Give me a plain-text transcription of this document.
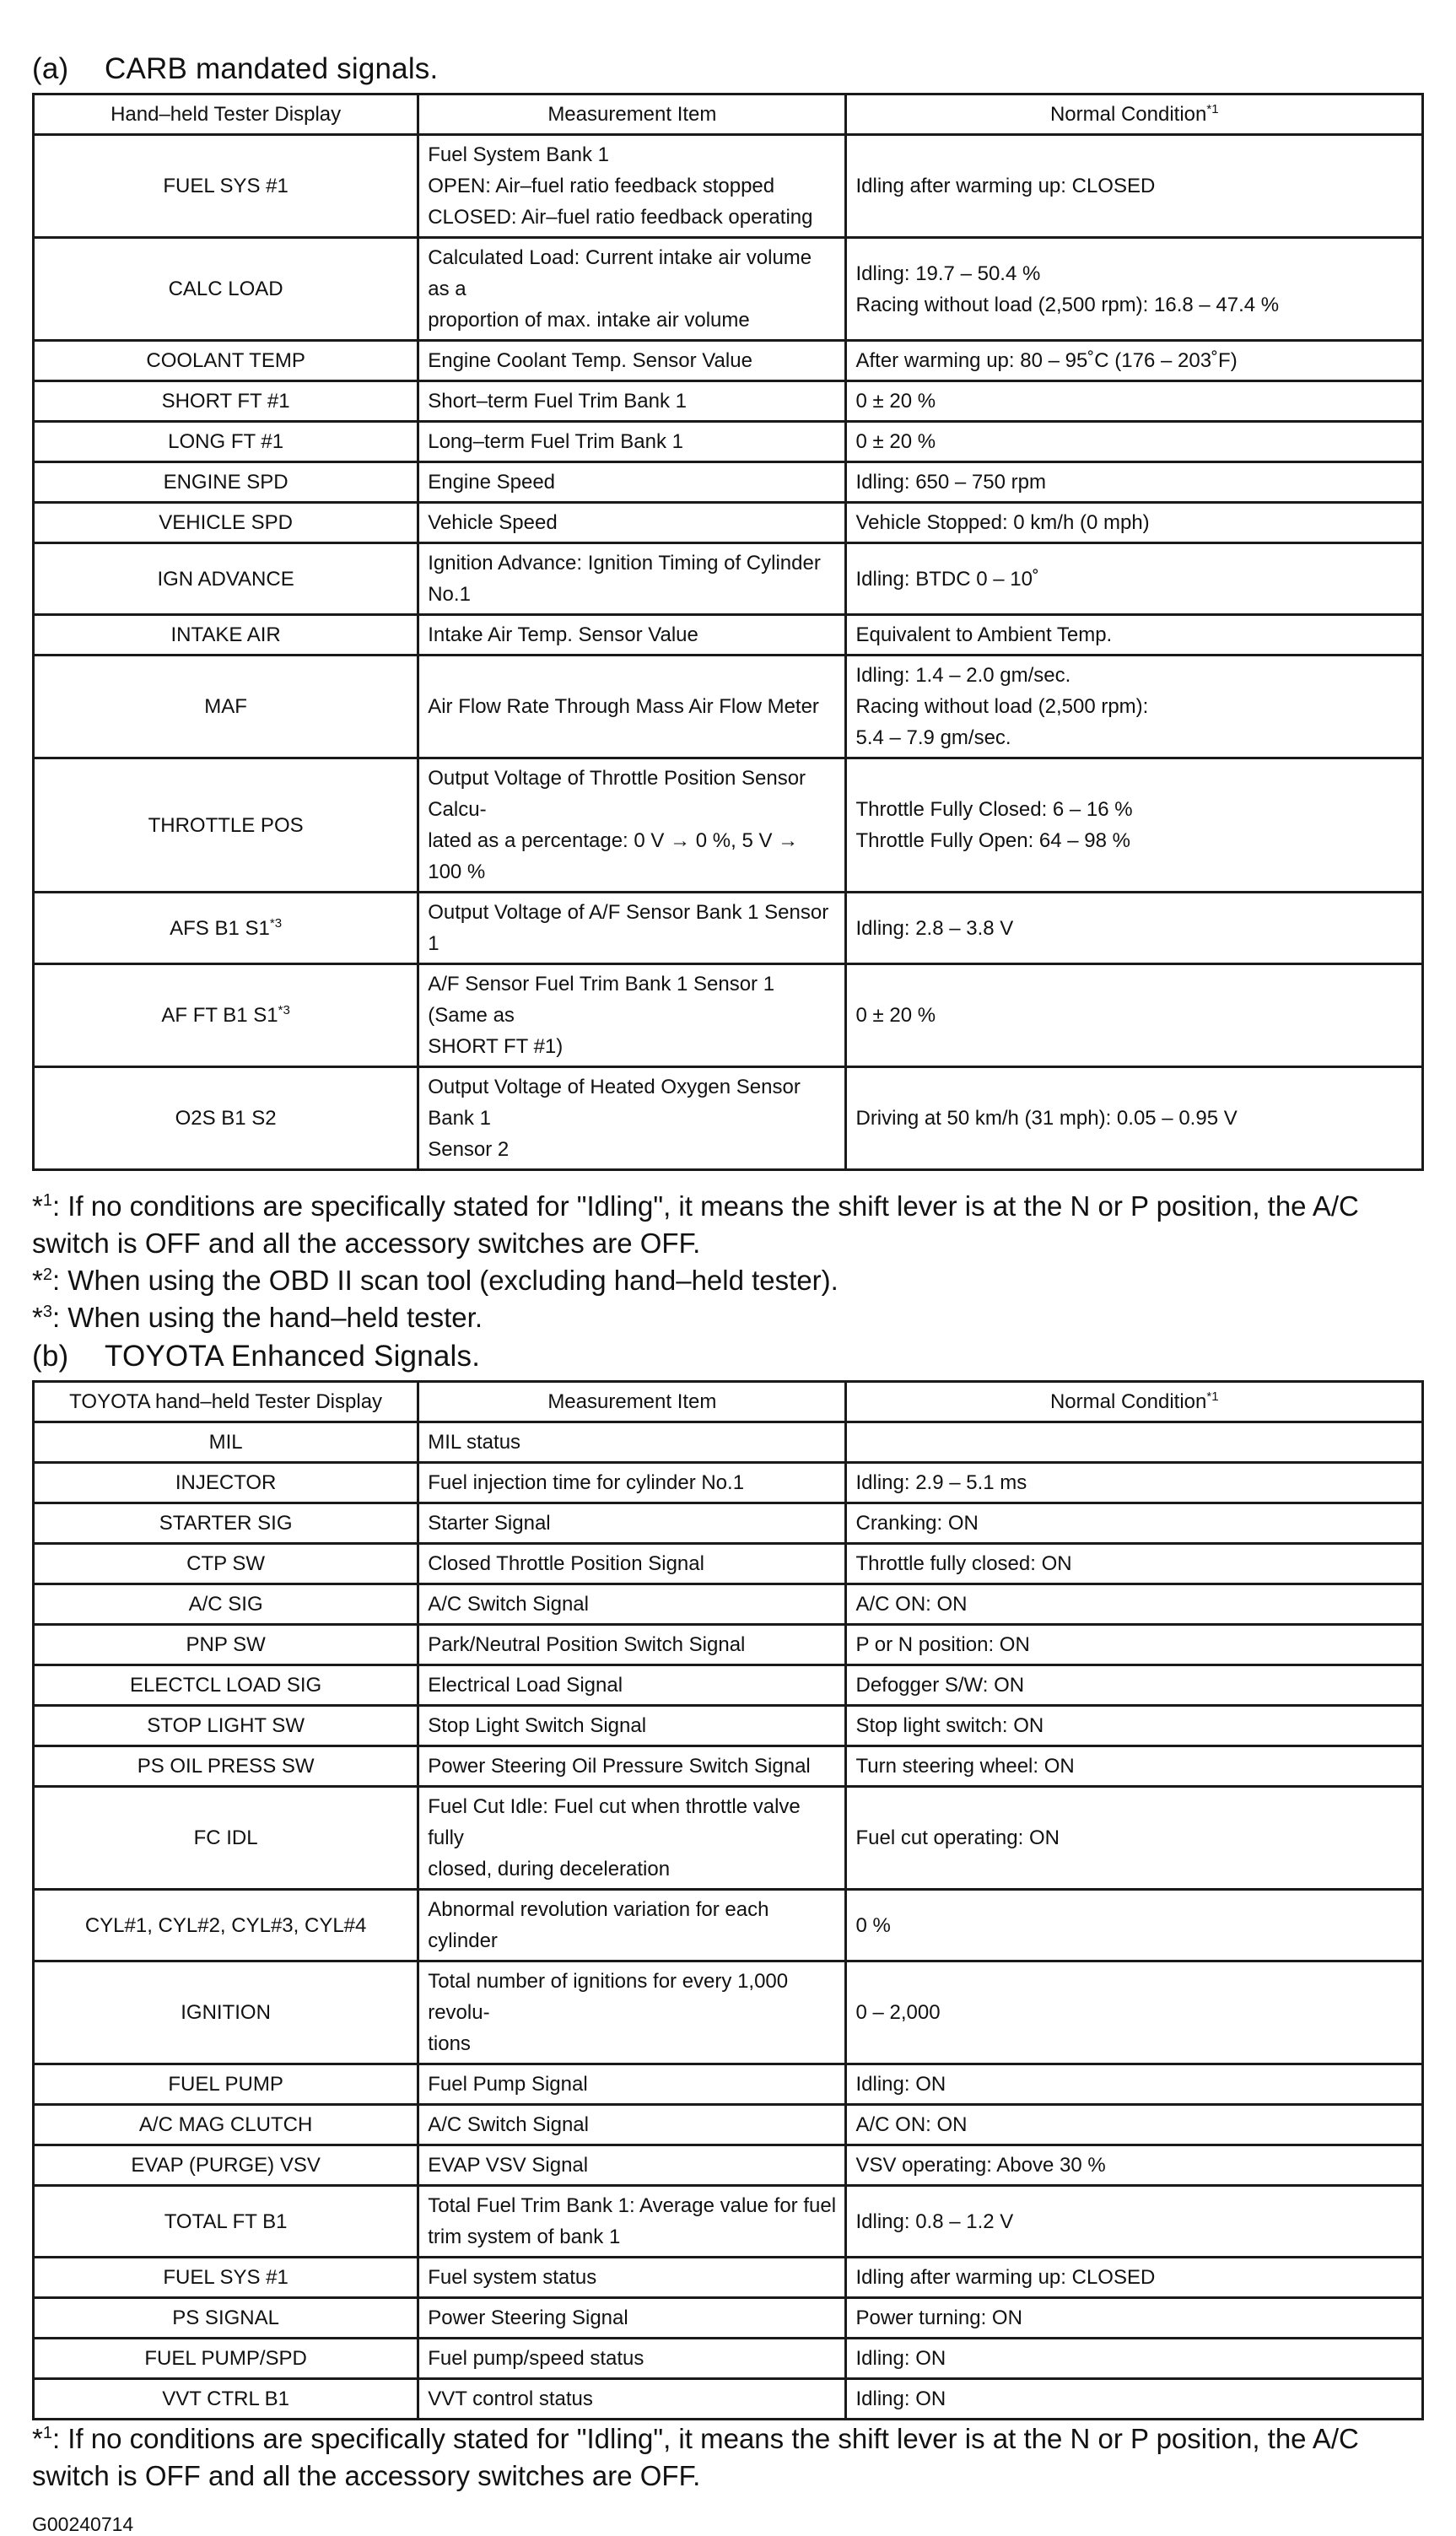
(a) CARB mandated signals.
Hand–held Tester Display	Measurement Item	Normal Condition$^{*1}$
FUEL SYS #1	Fuel System Bank 1
OPEN: Air–fuel ratio feedback stopped
CLOSED: Air–fuel ratio feedback operating	Idling after warming up: CLOSED

CALC LOAD	Calculated Load: Current intake air volume as a
proportion of max. intake air volume	Idling: 19.7 – 50.4 %
Racing without load (2,500 rpm): 16.8 – 47.4 %

COOLANT TEMP	Engine Coolant Temp. Sensor Value	After warming up: 80 – 95˚C (176 – 203˚F)

SHORT FT #1	Short–term Fuel Trim Bank 1	0 ± 20 %

LONG FT #1	Long–term Fuel Trim Bank 1	0 ± 20 %

ENGINE SPD	Engine Speed	Idling: 650 – 750 rpm

VEHICLE SPD	Vehicle Speed	Vehicle Stopped: 0 km/h (0 mph)

IGN ADVANCE	Ignition Advance: Ignition Timing of Cylinder No.1	Idling: BTDC 0 – 10˚

INTAKE AIR	Intake Air Temp. Sensor Value	Equivalent to Ambient Temp.

MAF	Air Flow Rate Through Mass Air Flow Meter	Idling: 1.4 – 2.0 gm/sec.
Racing without load (2,500 rpm):
5.4 – 7.9 gm/sec.

THROTTLE POS	Output Voltage of Throttle Position Sensor Calcu-
lated as a percentage: 0 V → 0 %, 5 V → 100 %	Throttle Fully Closed: 6 – 16 %
Throttle Fully Open: 64 – 98 %

AFS B1 S1$^{*3}$	Output Voltage of A/F Sensor Bank 1 Sensor 1	Idling: 2.8 – 3.8 V

AF FT B1 S1$^{*3}$	A/F Sensor Fuel Trim Bank 1 Sensor 1 (Same as
SHORT FT #1)	0 ± 20 %

O2S B1 S2	Output Voltage of Heated Oxygen Sensor Bank 1
Sensor 2	Driving at 50 km/h (31 mph): 0.05 – 0.95 V

*$^1$: If no conditions are specifically stated for "Idling", it means the shift lever is at the N or P position, the A/C switch is OFF and all the accessory switches are OFF.

*$^2$: When using the OBD II scan tool (excluding hand–held tester).

*$^3$: When using the hand–held tester.

(b) TOYOTA Enhanced Signals.
TOYOTA hand–held Tester Display	Measurement Item	Normal Condition$^{*1}$
MIL	MIL status	

INJECTOR	Fuel injection time for cylinder No.1	Idling: 2.9 – 5.1 ms

STARTER SIG	Starter Signal	Cranking: ON

CTP SW	Closed Throttle Position Signal	Throttle fully closed: ON

A/C SIG	A/C Switch Signal	A/C ON: ON

PNP SW	Park/Neutral Position Switch Signal	P or N position: ON

ELECTCL LOAD SIG	Electrical Load Signal	Defogger S/W: ON

STOP LIGHT SW	Stop Light Switch Signal	Stop light switch: ON

PS OIL PRESS SW	Power Steering Oil Pressure Switch Signal	Turn steering wheel: ON

FC IDL	Fuel Cut Idle: Fuel cut when throttle valve fully
closed, during deceleration	Fuel cut operating: ON

CYL#1, CYL#2, CYL#3, CYL#4	Abnormal revolution variation for each cylinder	0 %

IGNITION	Total number of ignitions for every 1,000 revolu-
tions	0 – 2,000

FUEL PUMP	Fuel Pump Signal	Idling: ON

A/C MAG CLUTCH	A/C Switch Signal	A/C ON: ON

EVAP (PURGE) VSV	EVAP VSV Signal	VSV operating: Above 30 %

TOTAL FT B1	Total Fuel Trim Bank 1: Average value for fuel
trim system of bank 1	Idling: 0.8 – 1.2 V

FUEL SYS #1	Fuel system status	Idling after warming up: CLOSED

PS SIGNAL	Power Steering Signal	Power turning: ON

FUEL PUMP/SPD	Fuel pump/speed status	Idling: ON

VVT CTRL B1	VVT control status	Idling: ON

*$^1$: If no conditions are specifically stated for "Idling", it means the shift lever is at the N or P position, the A/C switch is OFF and all the accessory switches are OFF.

G00240714
